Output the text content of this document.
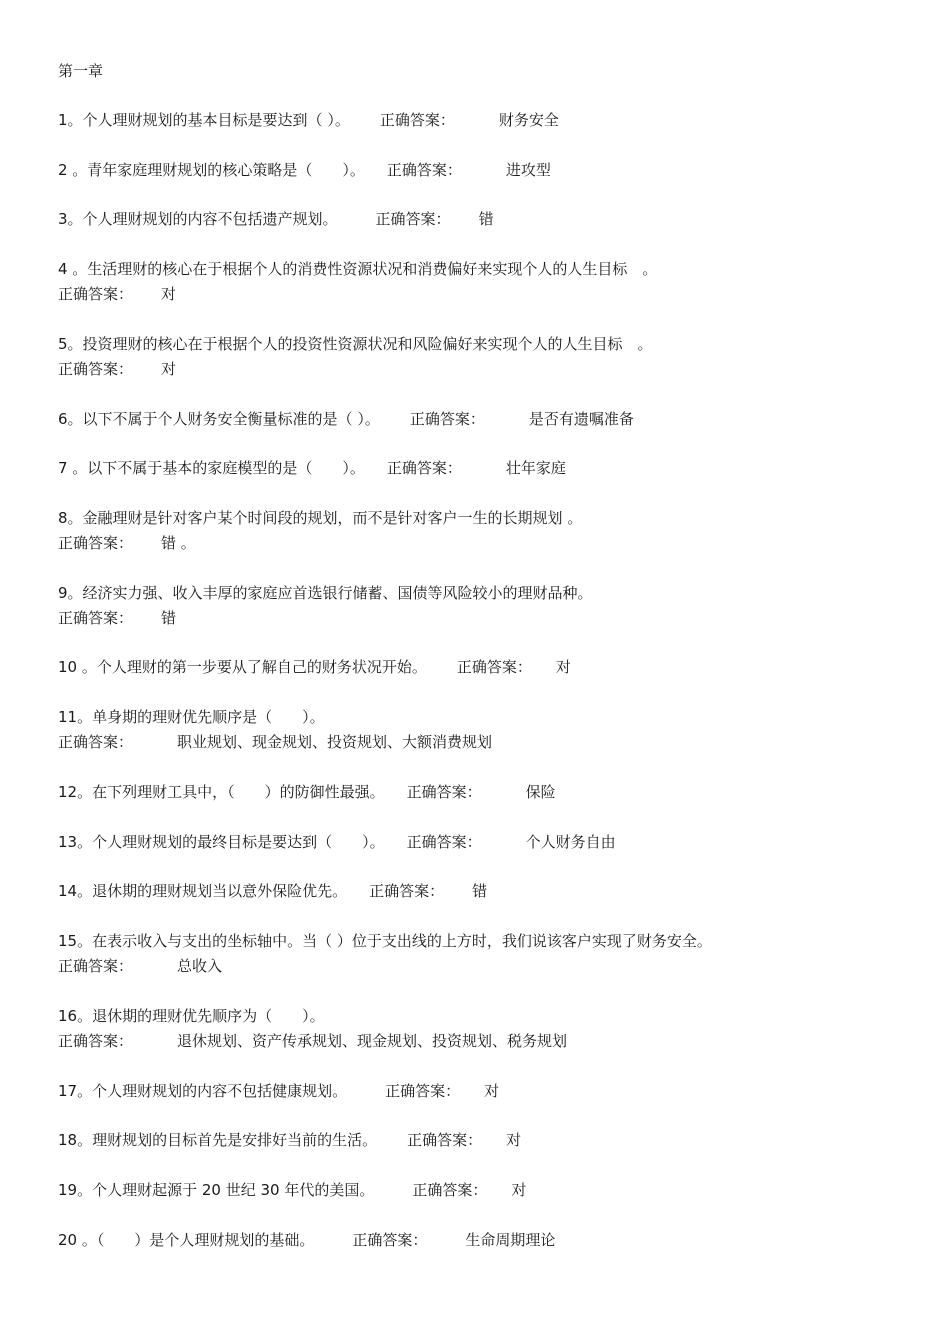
第一章
1。个人理财规划的基本目标是要达到（ ）。 正确答案：	财务安全
2 。青年家庭理财规划的核心策略是（　　）。 正确答案：	进攻型
3。个人理财规划的内容不包括遗产规划。	正确答案： 错
4 。生活理财的核心在于根据个人的消费性资源状况和消费偏好来实现个人的人生目标　。
正确答案： 对
5。投资理财的核心在于根据个人的投资性资源状况和风险偏好来实现个人的人生目标　。
正确答案： 对
6。以下不属于个人财务安全衡量标准的是（ ）。 正确答案：	是否有遗嘱准备
7 。以下不属于基本的家庭模型的是（　　）。 正确答案：	壮年家庭
8。金融理财是针对客户某个时间段的规划，而不是针对客户一生的长期规划 。
正确答案： 错 。
9。经济实力强、收入丰厚的家庭应首选银行储蓄、国债等风险较小的理财品种。
正确答案： 错
10 。个人理财的第一步要从了解自己的财务状况开始。 正确答案： 对
11。单身期的理财优先顺序是（　　）。
正确答案：	职业规划、现金规划、投资规划、大额消费规划
12。在下列理财工具中，（　　）的防御性最强。 正确答案：	保险
13。个人理财规划的最终目标是要达到（　　）。 正确答案：	个人财务自由
14。退休期的理财规划当以意外保险优先。 正确答案： 错
15。在表示收入与支出的坐标轴中。当（ ）位于支出线的上方时，我们说该客户实现了财务安全。
正确答案：	总收入
16。退休期的理财优先顺序为（　　）。
正确答案：	退休规划、资产传承规划、现金规划、投资规划、税务规划
17。个人理财规划的内容不包括健康规划。	正确答案： 对
18。理财规划的目标首先是安排好当前的生活。 正确答案： 对
19。个人理财起源于 20 世纪 30 年代的美国。	正确答案： 对
20 。（　　）是个人理财规划的基础。	正确答案：	生命周期理论
